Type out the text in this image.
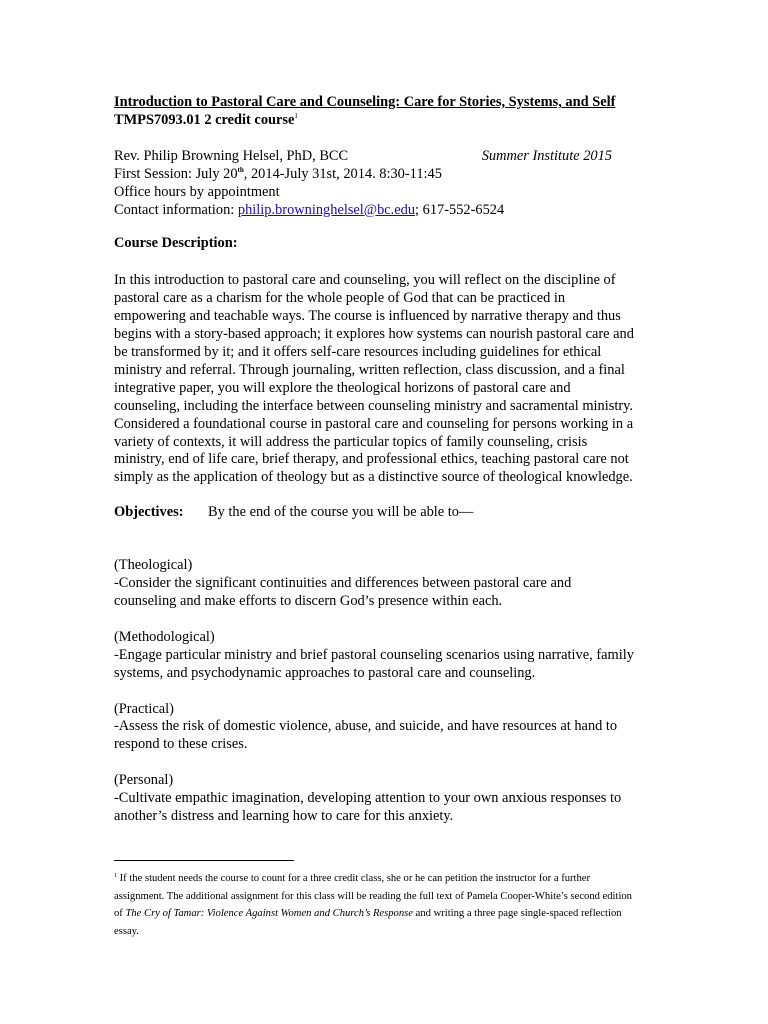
Introduction to Pastoral Care and Counseling: Care for Stories, Systems, and Self
TMPS7093.01 2 credit course$^1$
Rev. Philip Browning Helsel, PhD, BCC	Summer Institute 2015
First Session: July 20th, 2014-July 31st, 2014. 8:30-11:45
Office hours by appointment
Contact information: philip.browninghelsel@bc.edu; 617-552-6524
Course Description:
In this introduction to pastoral care and counseling, you will reflect on the discipline of pastoral care as a charism for the whole people of God that can be practiced in empowering and teachable ways. The course is influenced by narrative therapy and thus begins with a story-based approach; it explores how systems can nourish pastoral care and be transformed by it; and it offers self-care resources including guidelines for ethical ministry and referral. Through journaling, written reflection, class discussion, and a final integrative paper, you will explore the theological horizons of pastoral care and counseling, including the interface between counseling ministry and sacramental ministry. Considered a foundational course in pastoral care and counseling for persons working in a variety of contexts, it will address the particular topics of family counseling, crisis ministry, end of life care, brief therapy, and professional ethics, teaching pastoral care not simply as the application of theology but as a distinctive source of theological knowledge.
Objectives:	By the end of the course you will be able to—
(Theological)
-Consider the significant continuities and differences between pastoral care and counseling and make efforts to discern God’s presence within each.
(Methodological)
-Engage particular ministry and brief pastoral counseling scenarios using narrative, family systems, and psychodynamic approaches to pastoral care and counseling.
(Practical)
-Assess the risk of domestic violence, abuse, and suicide, and have resources at hand to respond to these crises.
(Personal)
-Cultivate empathic imagination, developing attention to your own anxious responses to another’s distress and learning how to care for this anxiety.
$^1$ If the student needs the course to count for a three credit class, she or he can petition the instructor for a further assignment. The additional assignment for this class will be reading the full text of Pamela Cooper-White’s second edition of The Cry of Tamar: Violence Against Women and Church’s Response and writing a three page single-spaced reflection essay.
